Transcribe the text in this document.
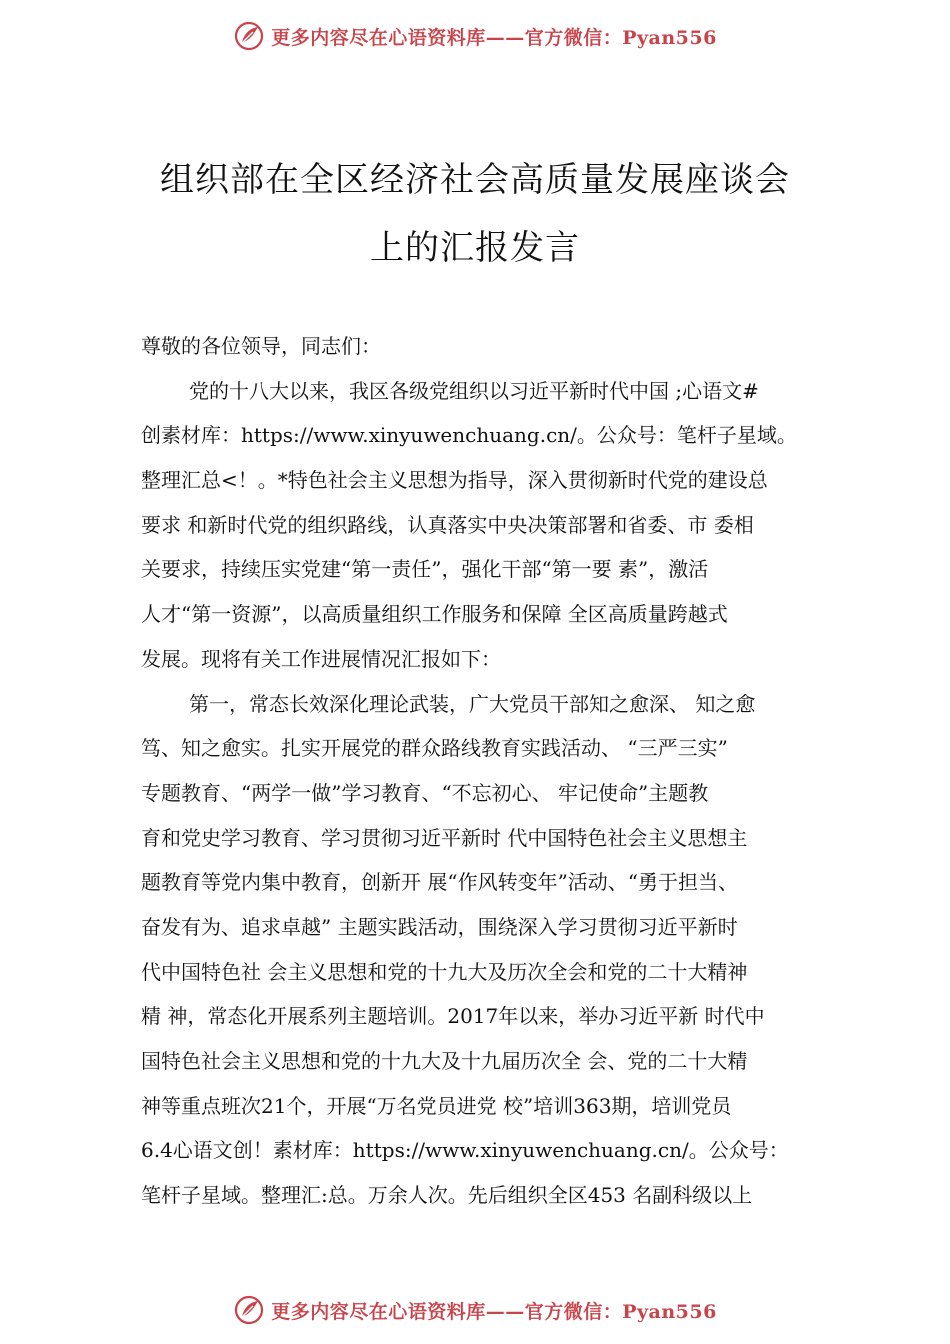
更多内容尽在心语资料库——官方微信：Pyan556
组织部在全区经济社会高质量发展座谈会
上的汇报发言
尊敬的各位领导，同志们：
党的十八大以来，我区各级党组织以习近平新时代中国 ;心语文#
创素材库：https://www.xinyuwenchuang.cn/。公众号：笔杆子星域。
整理汇总<！。*特色社会主义思想为指导，深入贯彻新时代党的建设总
要求 和新时代党的组织路线，认真落实中央决策部署和省委、市 委相
关要求，持续压实党建“第一责任”，强化干部“第一要 素”，激活
人才“第一资源”，以高质量组织工作服务和保障 全区高质量跨越式
发展。现将有关工作进展情况汇报如下：
第一，常态长效深化理论武装，广大党员干部知之愈深、 知之愈
笃、知之愈实。扎实开展党的群众路线教育实践活动、 “三严三实”
专题教育、“两学一做”学习教育、“不忘初心、 牢记使命”主题教
育和党史学习教育、学习贯彻习近平新时 代中国特色社会主义思想主
题教育等党内集中教育，创新开 展“作风转变年”活动、“勇于担当、
奋发有为、追求卓越” 主题实践活动，围绕深入学习贯彻习近平新时
代中国特色社 会主义思想和党的十九大及历次全会和党的二十大精神
精 神，常态化开展系列主题培训。2017年以来，举办习近平新 时代中
国特色社会主义思想和党的十九大及十九届历次全 会、党的二十大精
神等重点班次21个，开展“万名党员进党 校”培训363期，培训党员
6.4心语文创！素材库：https://www.xinyuwenchuang.cn/。公众号：
笔杆子星域。整理汇:总。万余人次。先后组织全区453 名副科级以上
更多内容尽在心语资料库——官方微信：Pyan556
